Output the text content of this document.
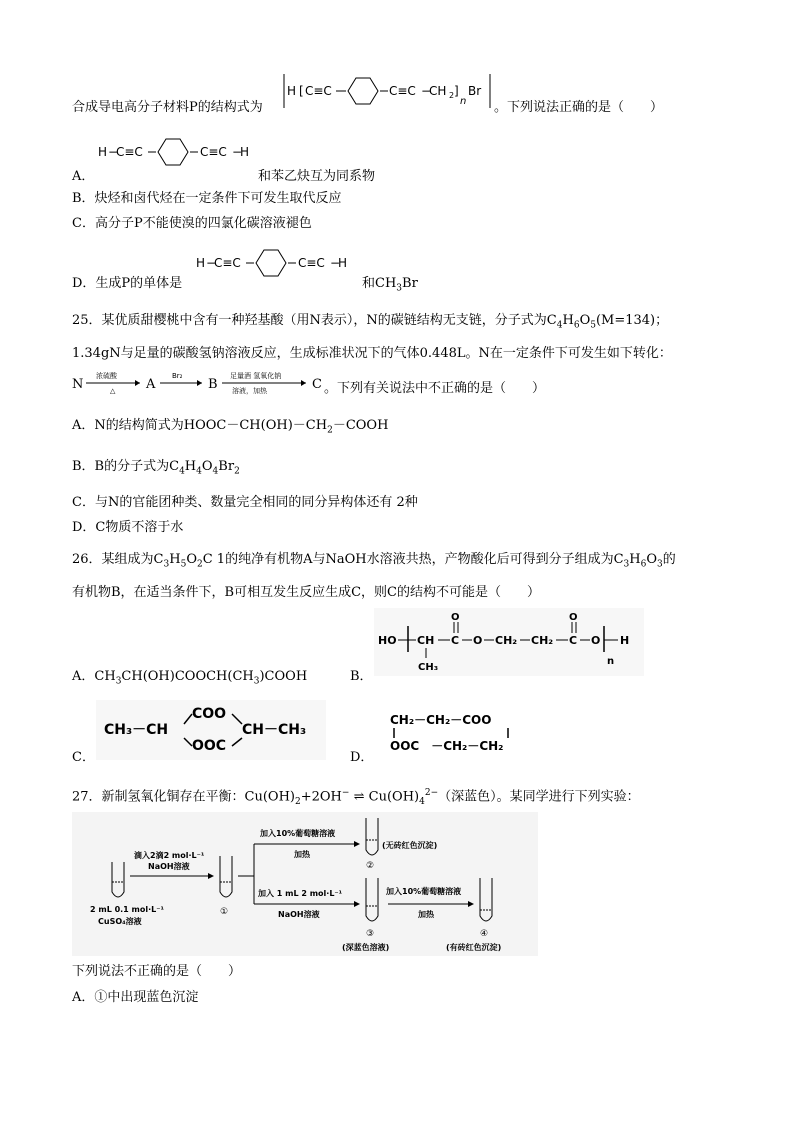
合成导电高分子材料P的结构式为
H [ C≡C	C≡C −
CH 2 ]
n
Br
。下列说法正确的是（　　）
A．
H −
C≡C	C≡C −
H
和苯乙炔互为同系物
B．炔烃和卤代烃在一定条件下可发生取代反应
C．高分子P不能使溴的四氯化碳溶液褪色
D．生成P的单体是
H −
C≡C	C≡C −
H
和$CH_3Br$
25．某优质甜樱桃中含有一种羟基酸（用N表示），N的碳链结构无支链，分子式为$C_4H_6O_5(M=134)$；
1.34gN与足量的碳酸氢钠溶液反应，生成标准状况下的气体0.448L。N在一定条件下可发生如下转化：
N
浓硫酸
△ A
Br₂
B
足量酒 氢氧化钠
溶液，加热	C 。下列有关说法中不正确的是（　　）
A．N的结构简式为$HOOC-CH(OH)-CH_2-COOH$
B．B的分子式为$C_4H_4O_4Br_2$
C．与N的官能团种类、数量完全相同的同分异构体还有 2种
D．C物质不溶于水
26．某组成为$C_3H_5O_2C$ 1的纯净有机物A与NaOH水溶液共热，产物酸化后可得到分子组成为$C_3H_6O_3$的
有机物B，在适当条件下，B可相互发生反应生成C，则C的结构不可能是（　　）
A．$CH_3CH(OH)COOCH(CH_3)COOH$	B．
HO CH
CH₃
C
O
O CH₂ CH₂ C
O
O H
n
C．
CH₃－CH
COO
OOC
CH－CH₃
D．
CH₂－CH₂－COO
OOC　－CH₂－CH₂
27．新制氢氧化铜存在平衡：$Cu(OH)_2+2OH^-$ ⇌ $Cu(OH)_4^{2-}$（深蓝色）。某同学进行下列实验：
2 mL 0.1 mol·L⁻¹
CuSO₄溶液
滴入2滴2 mol·L⁻¹
NaOH溶液
①
加入10%葡萄糖溶液
加热
加入 1 mL 2 mol·L⁻¹
NaOH溶液
②
(无砖红色沉淀)
③
(深蓝色溶液)
加入10%葡萄糖溶液
加热
④
(有砖红色沉淀)
下列说法不正确的是（　　）
A．①中出现蓝色沉淀
